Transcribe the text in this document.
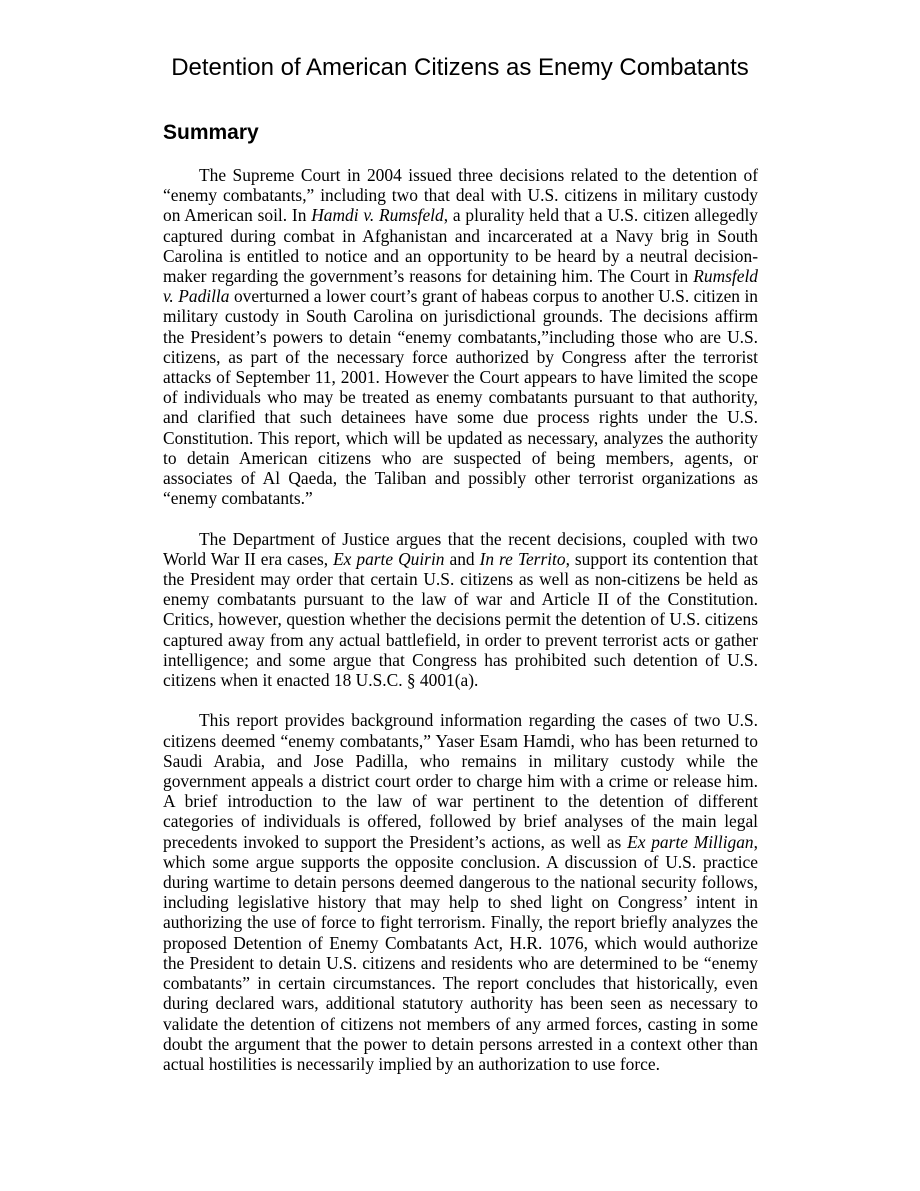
Detention of American Citizens as Enemy Combatants
Summary

The Supreme Court in 2004 issued three decisions related to the detention of “enemy combatants,” including two that deal with U.S. citizens in military custody on American soil. In Hamdi v. Rumsfeld, a plurality held that a U.S. citizen allegedly captured during combat in Afghanistan and incarcerated at a Navy brig in South Carolina is entitled to notice and an opportunity to be heard by a neutral decision-maker regarding the government’s reasons for detaining him. The Court in Rumsfeld v. Padilla overturned a lower court’s grant of habeas corpus to another U.S. citizen in military custody in South Carolina on jurisdictional grounds. The decisions affirm the President’s powers to detain “enemy combatants,”including those who are U.S. citizens, as part of the necessary force authorized by Congress after the terrorist attacks of September 11, 2001. However the Court appears to have limited the scope of individuals who may be treated as enemy combatants pursuant to that authority, and clarified that such detainees have some due process rights under the U.S. Constitution. This report, which will be updated as necessary, analyzes the authority to detain American citizens who are suspected of being members, agents, or associates of Al Qaeda, the Taliban and possibly other terrorist organizations as “enemy combatants.”

The Department of Justice argues that the recent decisions, coupled with two World War II era cases, Ex parte Quirin and In re Territo, support its contention that the President may order that certain U.S. citizens as well as non-citizens be held as enemy combatants pursuant to the law of war and Article II of the Constitution. Critics, however, question whether the decisions permit the detention of U.S. citizens captured away from any actual battlefield, in order to prevent terrorist acts or gather intelligence; and some argue that Congress has prohibited such detention of U.S. citizens when it enacted 18 U.S.C. § 4001(a).

This report provides background information regarding the cases of two U.S. citizens deemed “enemy combatants,” Yaser Esam Hamdi, who has been returned to Saudi Arabia, and Jose Padilla, who remains in military custody while the government appeals a district court order to charge him with a crime or release him. A brief introduction to the law of war pertinent to the detention of different categories of individuals is offered, followed by brief analyses of the main legal precedents invoked to support the President’s actions, as well as Ex parte Milligan, which some argue supports the opposite conclusion. A discussion of U.S. practice during wartime to detain persons deemed dangerous to the national security follows, including legislative history that may help to shed light on Congress’ intent in authorizing the use of force to fight terrorism. Finally, the report briefly analyzes the proposed Detention of Enemy Combatants Act, H.R. 1076, which would authorize the President to detain U.S. citizens and residents who are determined to be “enemy combatants” in certain circumstances. The report concludes that historically, even during declared wars, additional statutory authority has been seen as necessary to validate the detention of citizens not members of any armed forces, casting in some doubt the argument that the power to detain persons arrested in a context other than actual hostilities is necessarily implied by an authorization to use force.
